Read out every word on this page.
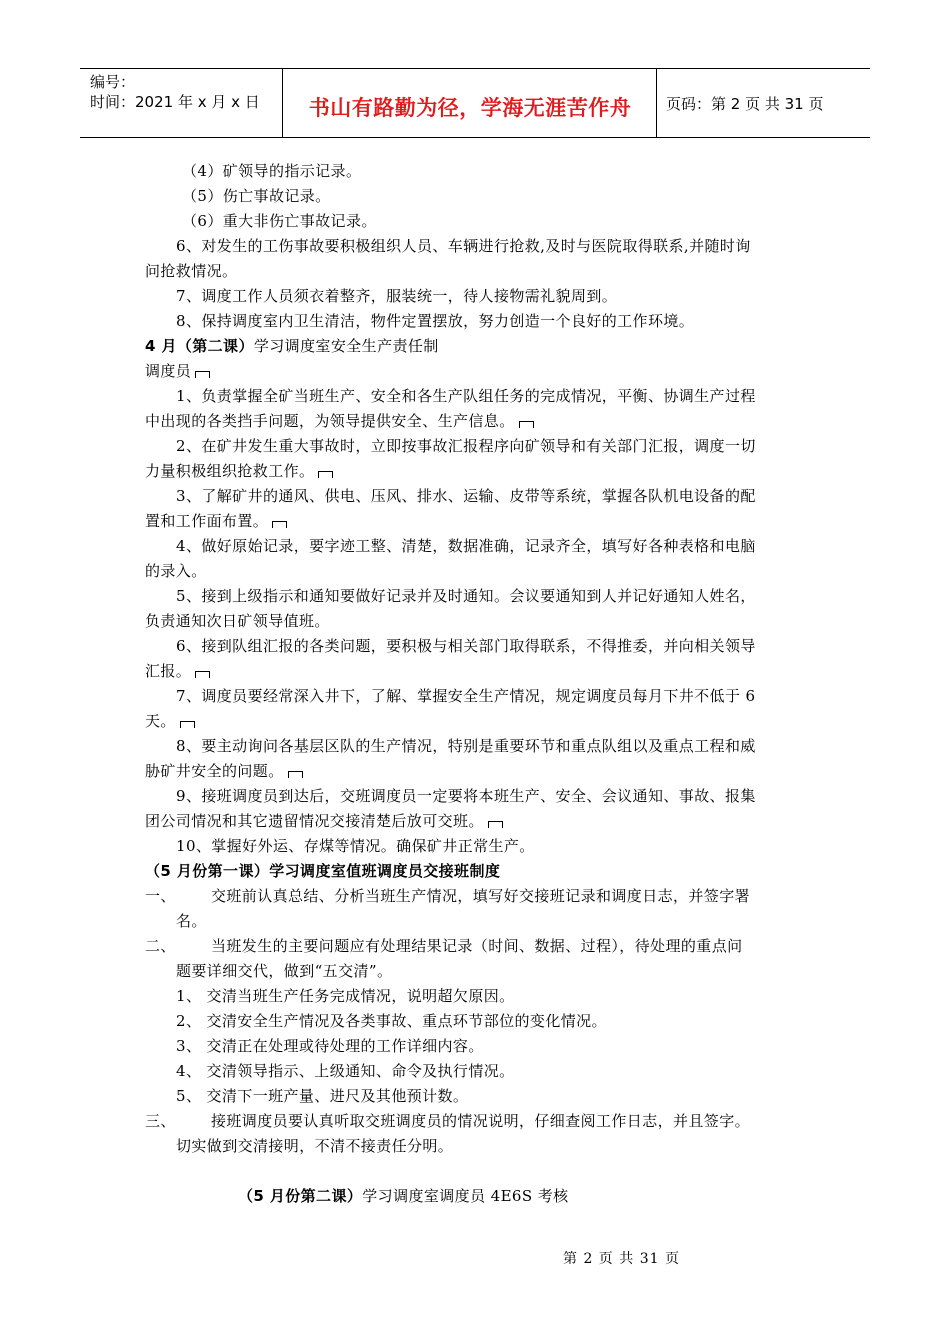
编号：
时间：2021 年 x 月 x 日	书山有路勤为径，学海无涯苦作舟	页码：第 2 页 共 31 页
（4）矿领导的指示记录。
（5）伤亡事故记录。
（6）重大非伤亡事故记录。
6、对发生的工伤事故要积极组织人员、车辆进行抢救,及时与医院取得联系,并随时询
问抢救情况。
7、调度工作人员须衣着整齐，服装统一，待人接物需礼貌周到。
8、保持调度室内卫生清洁，物件定置摆放，努力创造一个良好的工作环境。
4 月（第二课）学习调度室安全生产责任制
调度员
1、负责掌握全矿当班生产、安全和各生产队组任务的完成情况，平衡、协调生产过程
中出现的各类挡手问题，为领导提供安全、生产信息。
2、在矿井发生重大事故时，立即按事故汇报程序向矿领导和有关部门汇报，调度一切
力量积极组织抢救工作。
3、了解矿井的通风、供电、压风、排水、运输、皮带等系统，掌握各队机电设备的配
置和工作面布置。
4、做好原始记录，要字迹工整、清楚，数据准确，记录齐全，填写好各种表格和电脑
的录入。
5、接到上级指示和通知要做好记录并及时通知。会议要通知到人并记好通知人姓名，
负责通知次日矿领导值班。
6、接到队组汇报的各类问题，要积极与相关部门取得联系，不得推委，并向相关领导
汇报。
7、调度员要经常深入井下，了解、掌握安全生产情况，规定调度员每月下井不低于 6
天。
8、要主动询问各基层区队的生产情况，特别是重要环节和重点队组以及重点工程和威
胁矿井安全的问题。
9、接班调度员到达后，交班调度员一定要将本班生产、安全、会议通知、事故、报集
团公司情况和其它遗留情况交接清楚后放可交班。
10、掌握好外运、存煤等情况。确保矿井正常生产。
（5 月份第一课）学习调度室值班调度员交接班制度
一、 交班前认真总结、分析当班生产情况，填写好交接班记录和调度日志，并签字署
名。
二、 当班发生的主要问题应有处理结果记录（时间、数据、过程），待处理的重点问
题要详细交代，做到“五交清”。
1、 交清当班生产任务完成情况，说明超欠原因。
2、 交清安全生产情况及各类事故、重点环节部位的变化情况。
3、 交清正在处理或待处理的工作详细内容。
4、 交清领导指示、上级通知、命令及执行情况。
5、 交清下一班产量、进尺及其他预计数。
三、 接班调度员要认真听取交班调度员的情况说明，仔细查阅工作日志，并且签字。
切实做到交清接明，不清不接责任分明。
（5 月份第二课）学习调度室调度员 4E6S 考核
第 2 页 共 31 页
